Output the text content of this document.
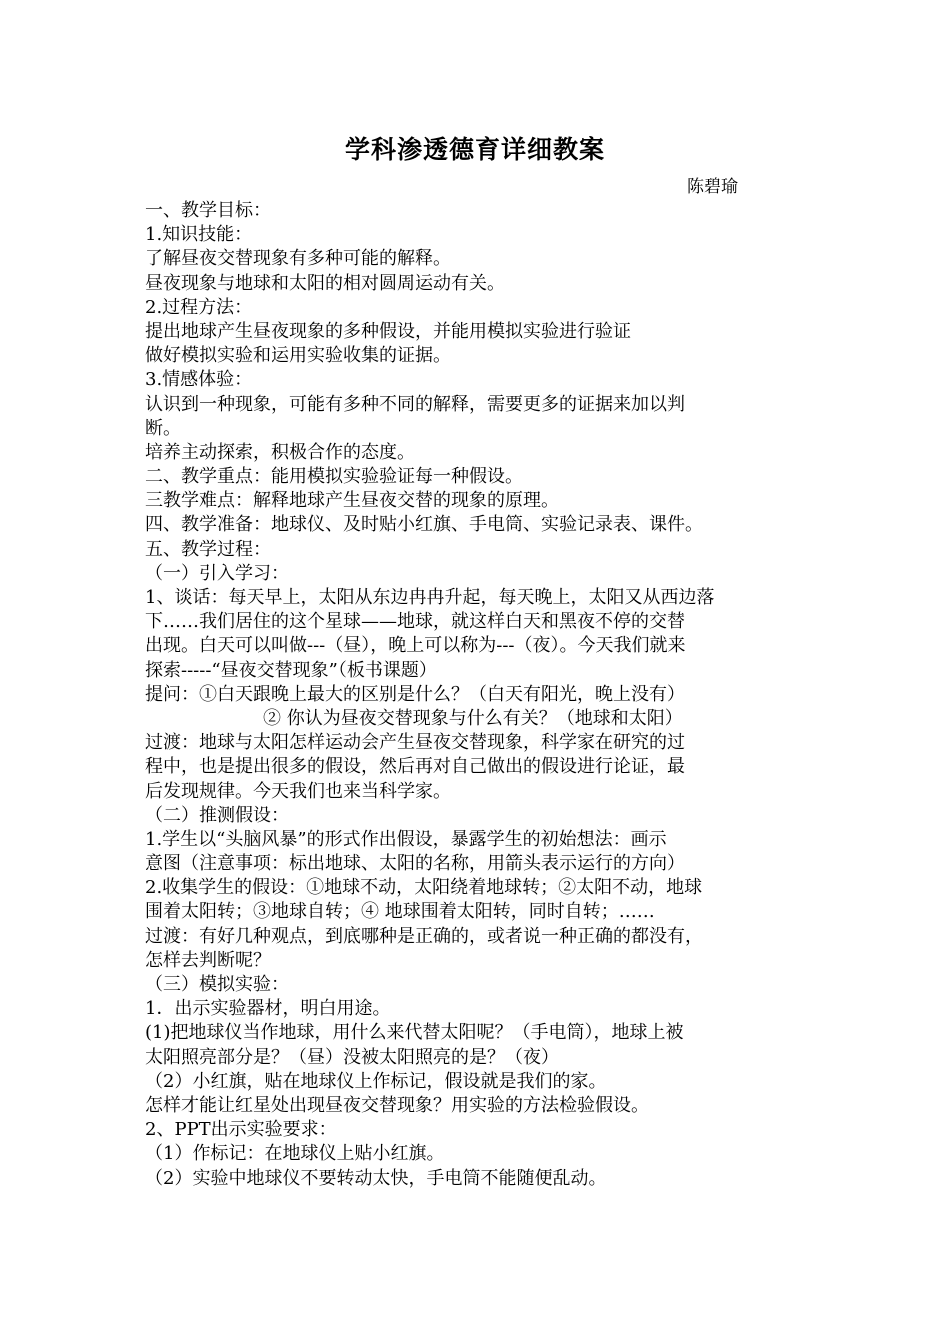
学科渗透德育详细教案
陈碧瑜
一、教学目标：
1.知识技能：
了解昼夜交替现象有多种可能的解释。
昼夜现象与地球和太阳的相对圆周运动有关。
2.过程方法：
提出地球产生昼夜现象的多种假设，并能用模拟实验进行验证
做好模拟实验和运用实验收集的证据。
3.情感体验：
认识到一种现象，可能有多种不同的解释，需要更多的证据来加以判
断。
培养主动探索，积极合作的态度。
二、教学重点：能用模拟实验验证每一种假设。
三教学难点：解释地球产生昼夜交替的现象的原理。
四、教学准备：地球仪、及时贴小红旗、手电筒、实验记录表、课件。
五、教学过程：
（一）引入学习：
1、谈话：每天早上，太阳从东边冉冉升起，每天晚上，太阳又从西边落
下……我们居住的这个星球——地球，就这样白天和黑夜不停的交替
出现。白天可以叫做---（昼），晚上可以称为---（夜）。今天我们就来
探索-----“昼夜交替现象”（板书课题）
提问：①白天跟晚上最大的区别是什么？（白天有阳光，晚上没有）
② 你认为昼夜交替现象与什么有关？（地球和太阳）
过渡：地球与太阳怎样运动会产生昼夜交替现象，科学家在研究的过
程中，也是提出很多的假设，然后再对自己做出的假设进行论证，最
后发现规律。今天我们也来当科学家。
（二）推测假设：
1.学生以“头脑风暴”的形式作出假设，暴露学生的初始想法：画示
意图（注意事项：标出地球、太阳的名称，用箭头表示运行的方向）
2.收集学生的假设：①地球不动，太阳绕着地球转；②太阳不动，地球
围着太阳转；③地球自转；④ 地球围着太阳转，同时自转；……
过渡：有好几种观点，到底哪种是正确的，或者说一种正确的都没有，
怎样去判断呢？
（三）模拟实验：
1．出示实验器材，明白用途。
(1)把地球仪当作地球，用什么来代替太阳呢？（手电筒），地球上被
太阳照亮部分是？（昼）没被太阳照亮的是？（夜）
（2）小红旗，贴在地球仪上作标记，假设就是我们的家。
怎样才能让红星处出现昼夜交替现象？用实验的方法检验假设。
2、PPT出示实验要求：
（1）作标记：在地球仪上贴小红旗。
（2）实验中地球仪不要转动太快，手电筒不能随便乱动。
